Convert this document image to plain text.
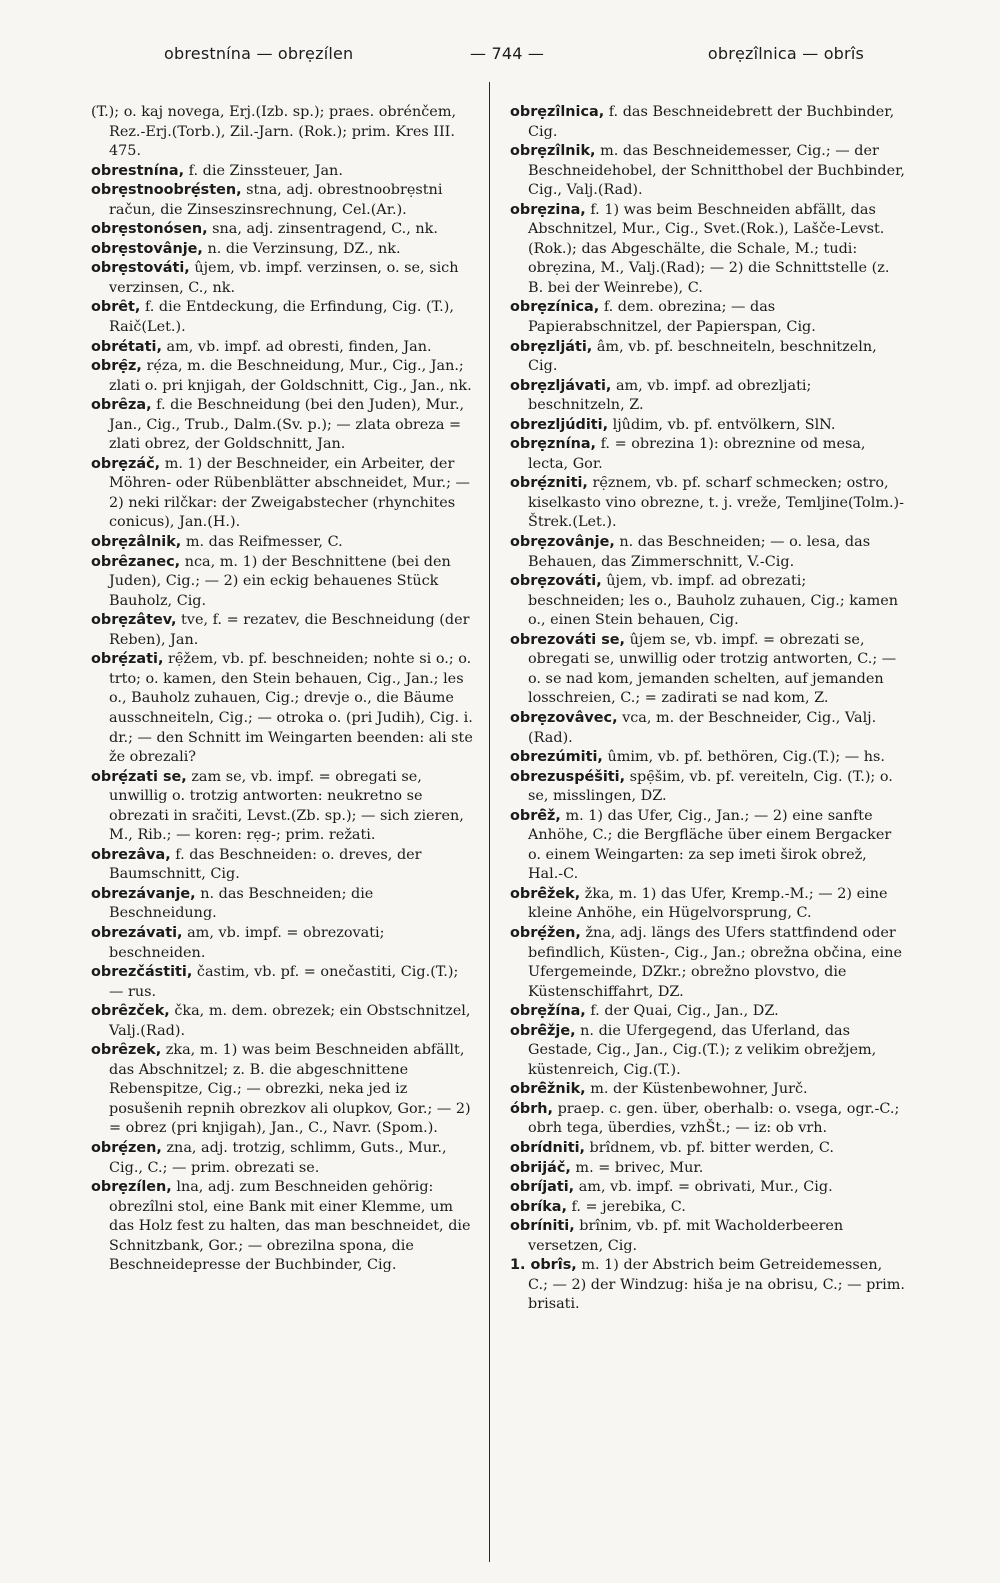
obrestnína — obrẹzílen	— 744 —	obrẹzîlnica — obrîs

(T.); o. kaj novega, Erj.(Izb. sp.); praes. obrénčem, Rez.-Erj.(Torb.), Zil.-Jarn. (Rok.); prim. Kres III. 475.

obrestnína, f. die Zinssteuer, Jan.

obrẹstnoobrẹ́sten, stna, adj. obrestnoobrẹstni račun, die Zinseszinsrechnung, Cel.(Ar.).

obrẹstonósen, sna, adj. zinsentragend, C., nk.

obrẹstovânje, n. die Verzinsung, DZ., nk.

obrẹstováti, ûjem, vb. impf. verzinsen, o. se, sich verzinsen, C., nk.

obrȇt, f. die Entdeckung, die Erfindung, Cig. (T.), Raič(Let.).

obrétati, am, vb. impf. ad obresti, finden, Jan.

obrẹ̑z, rẹ́za, m. die Beschneidung, Mur., Cig., Jan.; zlati o. pri knjigah, der Goldschnitt, Cig., Jan., nk.

obrȇza, f. die Beschneidung (bei den Juden), Mur., Jan., Cig., Trub., Dalm.(Sv. p.); — zlata obreza = zlati obrez, der Goldschnitt, Jan.

obrẹzáč, m. 1) der Beschneider, ein Arbeiter, der Möhren- oder Rübenblätter abschneidet, Mur.; — 2) neki rilčkar: der Zweigabstecher (rhynchites conicus), Jan.(H.).

obrẹzâlnik, m. das Reifmesser, C.

obrȇzanec, nca, m. 1) der Beschnittene (bei den Juden), Cig.; — 2) ein eckig behauenes Stück Bauholz, Cig.

obrẹzâtev, tve, f. = rezatev, die Beschneidung (der Reben), Jan.

obrẹ́zati, rẹ̑žem, vb. pf. beschneiden; nohte si o.; o. trto; o. kamen, den Stein behauen, Cig., Jan.; les o., Bauholz zuhauen, Cig.; drevje o., die Bäume ausschneiteln, Cig.; — otroka o. (pri Judih), Cig. i. dr.; — den Schnitt im Weingarten beenden: ali ste že obrezali?

obrẹ́zati se, zam se, vb. impf. = obregati se, unwillig o. trotzig antworten: neukretno se obrezati in sračiti, Levst.(Zb. sp.); — sich zieren, M., Rib.; — koren: rẹg-; prim. režati.

obrezâva, f. das Beschneiden: o. dreves, der Baumschnitt, Cig.

obrezávanje, n. das Beschneiden; die Beschneidung.

obrezávati, am, vb. impf. = obrezovati; beschneiden.

obrezčástiti, častim, vb. pf. = onečastiti, Cig.(T.); — rus.

obrȇzček, čka, m. dem. obrezek; ein Obstschnitzel, Valj.(Rad).

obrȇzek, zka, m. 1) was beim Beschneiden abfällt, das Abschnitzel; z. B. die abgeschnittene Rebenspitze, Cig.; — obrezki, neka jed iz posušenih repnih obrezkov ali olupkov, Gor.; — 2) = obrez (pri knjigah), Jan., C., Navr. (Spom.).

obrẹ́zen, zna, adj. trotzig, schlimm, Guts., Mur., Cig., C.; — prim. obrezati se.

obrẹzílen, lna, adj. zum Beschneiden gehörig: obrezîlni stol, eine Bank mit einer Klemme, um das Holz fest zu halten, das man beschneidet, die Schnitzbank, Gor.; — obrezilna spona, die Beschneidepresse der Buchbinder, Cig.

obrẹzîlnica, f. das Beschneidebrett der Buchbinder, Cig.

obrẹzîlnik, m. das Beschneidemesser, Cig.; — der Beschneidehobel, der Schnitthobel der Buchbinder, Cig., Valj.(Rad).

obrẹzina, f. 1) was beim Beschneiden abfällt, das Abschnitzel, Mur., Cig., Svet.(Rok.), Lašče-Levst.(Rok.); das Abgeschälte, die Schale, M.; tudi: obrẹzina, M., Valj.(Rad); — 2) die Schnittstelle (z. B. bei der Weinrebe), C.

obrẹzínica, f. dem. obrezina; — das Papierabschnitzel, der Papierspan, Cig.

obrẹzljáti, âm, vb. pf. beschneiteln, beschnitzeln, Cig.

obrẹzljávati, am, vb. impf. ad obrezljati; beschnitzeln, Z.

obrezljúditi, ljûdim, vb. pf. entvölkern, SlN.

obrẹznína, f. = obrezina 1): obreznine od mesa, lecta, Gor.

obrẹ́zniti, rẹ̑znem, vb. pf. scharf schmecken; ostro, kiselkasto vino obrezne, t. j. vreže, Temljine(Tolm.)-Štrek.(Let.).

obrẹzovânje, n. das Beschneiden; — o. lesa, das Behauen, das Zimmerschnitt, V.-Cig.

obrẹzováti, ûjem, vb. impf. ad obrezati; beschneiden; les o., Bauholz zuhauen, Cig.; kamen o., einen Stein behauen, Cig.

obrezováti se, ûjem se, vb. impf. = obrezati se, obregati se, unwillig oder trotzig antworten, C.; — o. se nad kom, jemanden schelten, auf jemanden losschreien, C.; = zadirati se nad kom, Z.

obrẹzovâvec, vca, m. der Beschneider, Cig., Valj.(Rad).

obrezúmiti, ûmim, vb. pf. bethören, Cig.(T.); — hs.

obrezuspéšiti, spẹ̑šim, vb. pf. vereiteln, Cig. (T.); o. se, misslingen, DZ.

obrȇ̑ž, m. 1) das Ufer, Cig., Jan.; — 2) eine sanfte Anhöhe, C.; die Bergfläche über einem Bergacker o. einem Weingarten: za sep imeti širok obrež, Hal.-C.

obrȇ̑žek, žka, m. 1) das Ufer, Kremp.-M.; — 2) eine kleine Anhöhe, ein Hügelvorsprung, C.

obrẹ́žen, žna, adj. längs des Ufers stattfindend oder befindlich, Küsten-, Cig., Jan.; obrežna občina, eine Ufergemeinde, DZkr.; obrežno plovstvo, die Küstenschiffahrt, DZ.

obrẹžína, f. der Quai, Cig., Jan., DZ.

obrȇ̑žje, n. die Ufergegend, das Uferland, das Gestade, Cig., Jan., Cig.(T.); z velikim obrežjem, küstenreich, Cig.(T.).

obrȇ̑žnik, m. der Küstenbewohner, Jurč.

óbrh, praep. c. gen. über, oberhalb: o. vsega, ogr.-C.; obrh tega, überdies, vzhŠt.; — iz: ob vrh.

obrídniti, brîdnem, vb. pf. bitter werden, C.

obrijáč, m. = brivec, Mur.

obríjati, am, vb. impf. = obrivati, Mur., Cig.

obríka, f. = jerebika, C.

obríniti, brînim, vb. pf. mit Wacholderbeeren versetzen, Cig.

1. obrîs, m. 1) der Abstrich beim Getreidemessen, C.; — 2) der Windzug: hiša je na obrisu, C.; — prim. brisati.
